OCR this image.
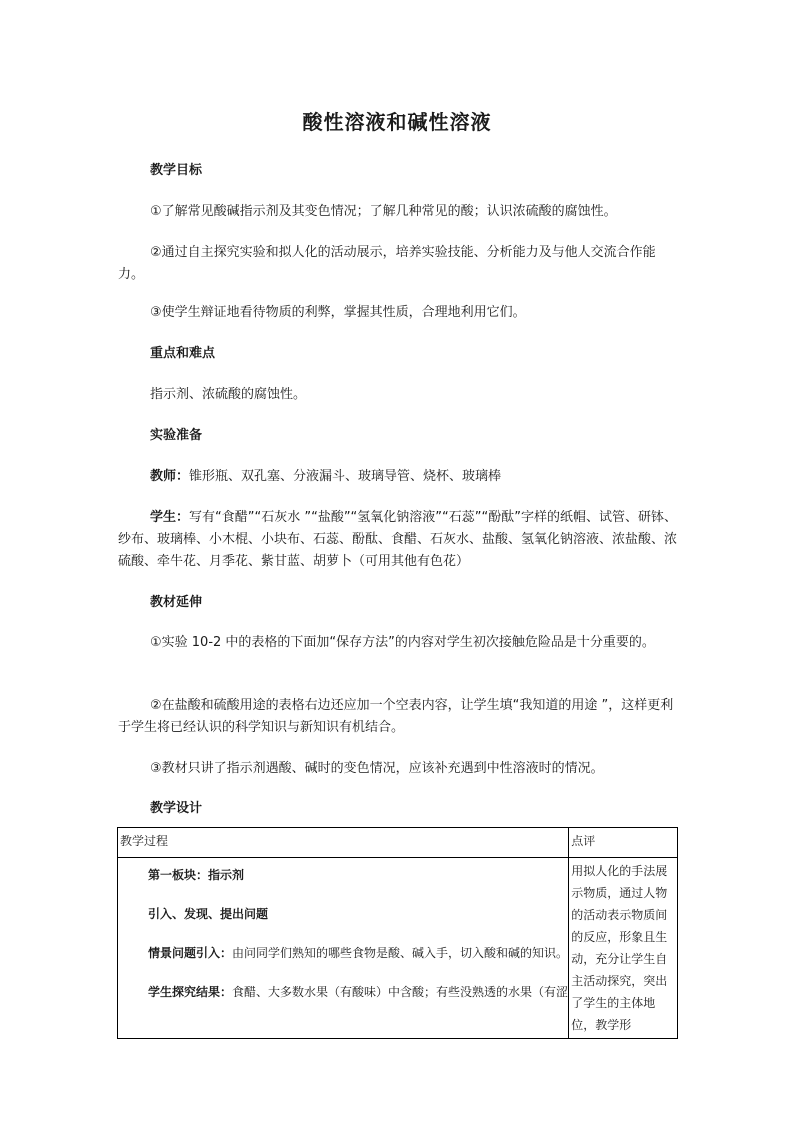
酸性溶液和碱性溶液
教学目标
①了解常见酸碱指示剂及其变色情况；了解几种常见的酸；认识浓硫酸的腐蚀性。
②通过自主探究实验和拟人化的活动展示，培养实验技能、分析能力及与他人交流合作能力。
③使学生辩证地看待物质的利弊，掌握其性质，合理地利用它们。
重点和难点
指示剂、浓硫酸的腐蚀性。
实验准备
教师：锥形瓶、双孔塞、分液漏斗、玻璃导管、烧杯、玻璃棒
学生：写有“食醋”“石灰水 ”“盐酸”“氢氧化钠溶液”“石蕊”“酚酞”字样的纸帽、试管、研钵、纱布、玻璃棒、小木棍、小块布、石蕊、酚酞、食醋、石灰水、盐酸、氢氧化钠溶液、浓盐酸、浓硫酸、牵牛花、月季花、紫甘蓝、胡萝卜（可用其他有色花）
教材延伸
①实验 10-2 中的表格的下面加“保存方法”的内容对学生初次接触危险品是十分重要的。
②在盐酸和硫酸用途的表格右边还应加一个空表内容，让学生填“我知道的用途 ”，这样更利于学生将已经认识的科学知识与新知识有机结合。
③教材只讲了指示剂遇酸、碱时的变色情况，应该补充遇到中性溶液时的情况。
教学设计
教学过程	点评

第一板块：指示剂
引入、发现、提出问题
情景问题引入：由问同学们熟知的哪些食物是酸、碱入手，切入酸和碱的知识。
学生探究结果：食醋、大多数水果（有酸味）中含酸；有些没熟透的水果（有涩	用拟人化的手法展示物质，通过人物的活动表示物质间的反应，形象且生动，充分让学生自主活动探究，突出了学生的主体地位，教学形
